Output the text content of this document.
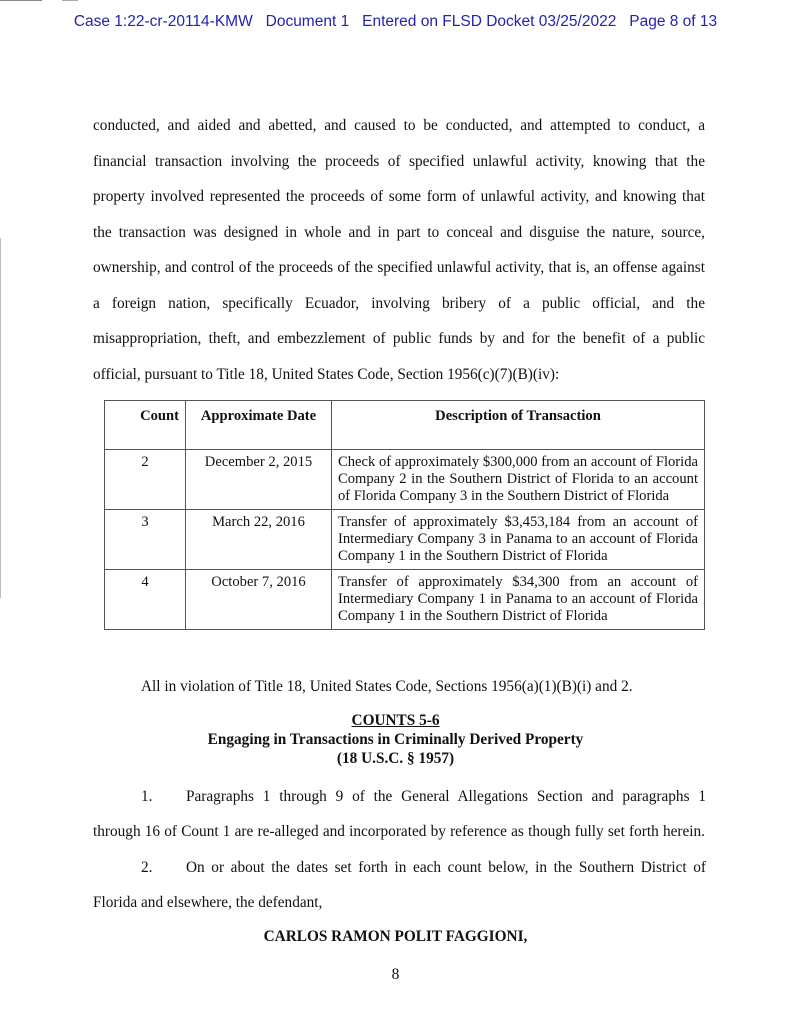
Case 1:22-cr-20114-KMW Document 1 Entered on FLSD Docket 03/25/2022 Page 8 of 13
conducted, and aided and abetted, and caused to be conducted, and attempted to conduct, a
financial transaction involving the proceeds of specified unlawful activity, knowing that the
property involved represented the proceeds of some form of unlawful activity, and knowing that
the transaction was designed in whole and in part to conceal and disguise the nature, source,
ownership, and control of the proceeds of the specified unlawful activity, that is, an offense against
a foreign nation, specifically Ecuador, involving bribery of a public official, and the
misappropriation, theft, and embezzlement of public funds by and for the benefit of a public
official, pursuant to Title 18, United States Code, Section 1956(c)(7)(B)(iv):
Count	Approximate Date	Description of Transaction
2	December 2, 2015	Check of approximately $300,000 from an account of Florida Company 2 in the Southern District of Florida to an account of Florida Company 3 in the Southern District of Florida
3	March 22, 2016	Transfer of approximately $3,453,184 from an account of Intermediary Company 3 in Panama to an account of Florida Company 1 in the Southern District of Florida
4	October 7, 2016	Transfer of approximately $34,300 from an account of Intermediary Company 1 in Panama to an account of Florida Company 1 in the Southern District of Florida
All in violation of Title 18, United States Code, Sections 1956(a)(1)(B)(i) and 2.
COUNTS 5-6
Engaging in Transactions in Criminally Derived Property
(18 U.S.C. § 1957)
1.	Paragraphs 1 through 9 of the General Allegations Section and paragraphs 1
through 16 of Count 1 are re-alleged and incorporated by reference as though fully set forth herein.
2.	On or about the dates set forth in each count below, in the Southern District of
Florida and elsewhere, the defendant,
CARLOS RAMON POLIT FAGGIONI,
8
